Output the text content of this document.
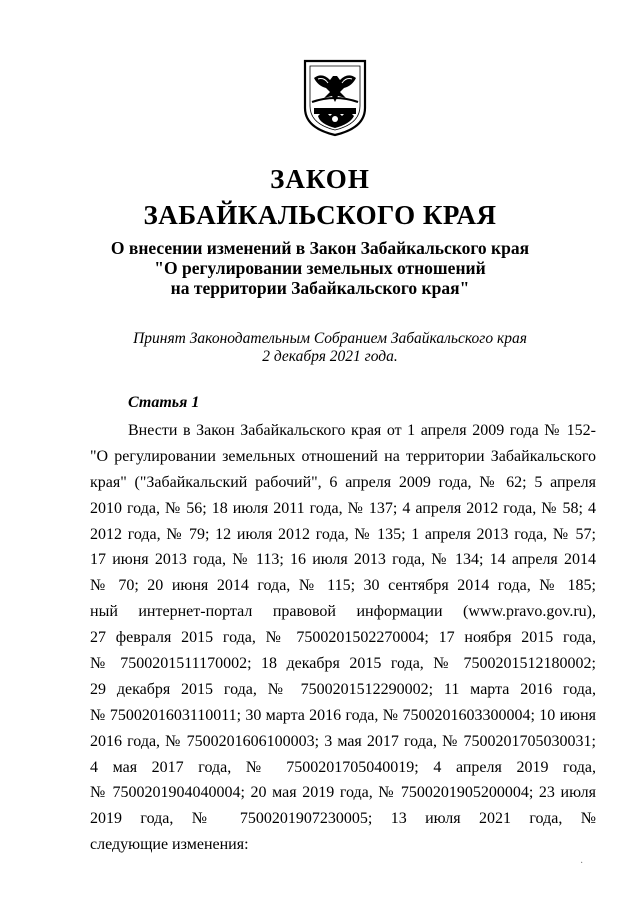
ЗАКОН
ЗАБАЙКАЛЬСКОГО КРАЯ
О внесении изменений в Закон Забайкальского края
"О регулировании земельных отношений
на территории Забайкальского края"
Принят Законодательным Собранием Забайкальского края
2 декабря 2021 года.
Статья 1
Внести в Закон Забайкальского края от 1 апреля 2009 года № 152-
"О регулировании земельных отношений на территории Забайкальского
края" ("Забайкальский рабочий", 6 апреля 2009 года, № 62; 5 апреля
2010 года, № 56; 18 июля 2011 года, № 137; 4 апреля 2012 года, № 58; 4
2012 года, № 79; 12 июля 2012 года, № 135; 1 апреля 2013 года, № 57;
17 июня 2013 года, № 113; 16 июля 2013 года, № 134; 14 апреля 2014
№ 70; 20 июня 2014 года, № 115; 30 сентября 2014 года, № 185;
ный интернет-портал правовой информации (www.pravo.gov.ru),
27 февраля 2015 года, № 7500201502270004; 17 ноября 2015 года,
№ 7500201511170002; 18 декабря 2015 года, № 7500201512180002;
29 декабря 2015 года, № 7500201512290002; 11 марта 2016 года,
№ 7500201603110011; 30 марта 2016 года, № 7500201603300004; 10 июня
2016 года, № 7500201606100003; 3 мая 2017 года, № 7500201705030031;
4 мая 2017 года, № 7500201705040019; 4 апреля 2019 года,
№ 7500201904040004; 20 мая 2019 года, № 7500201905200004; 23 июля
2019 года, № 7500201907230005; 13 июля 2021 года, №
следующие изменения:
·
